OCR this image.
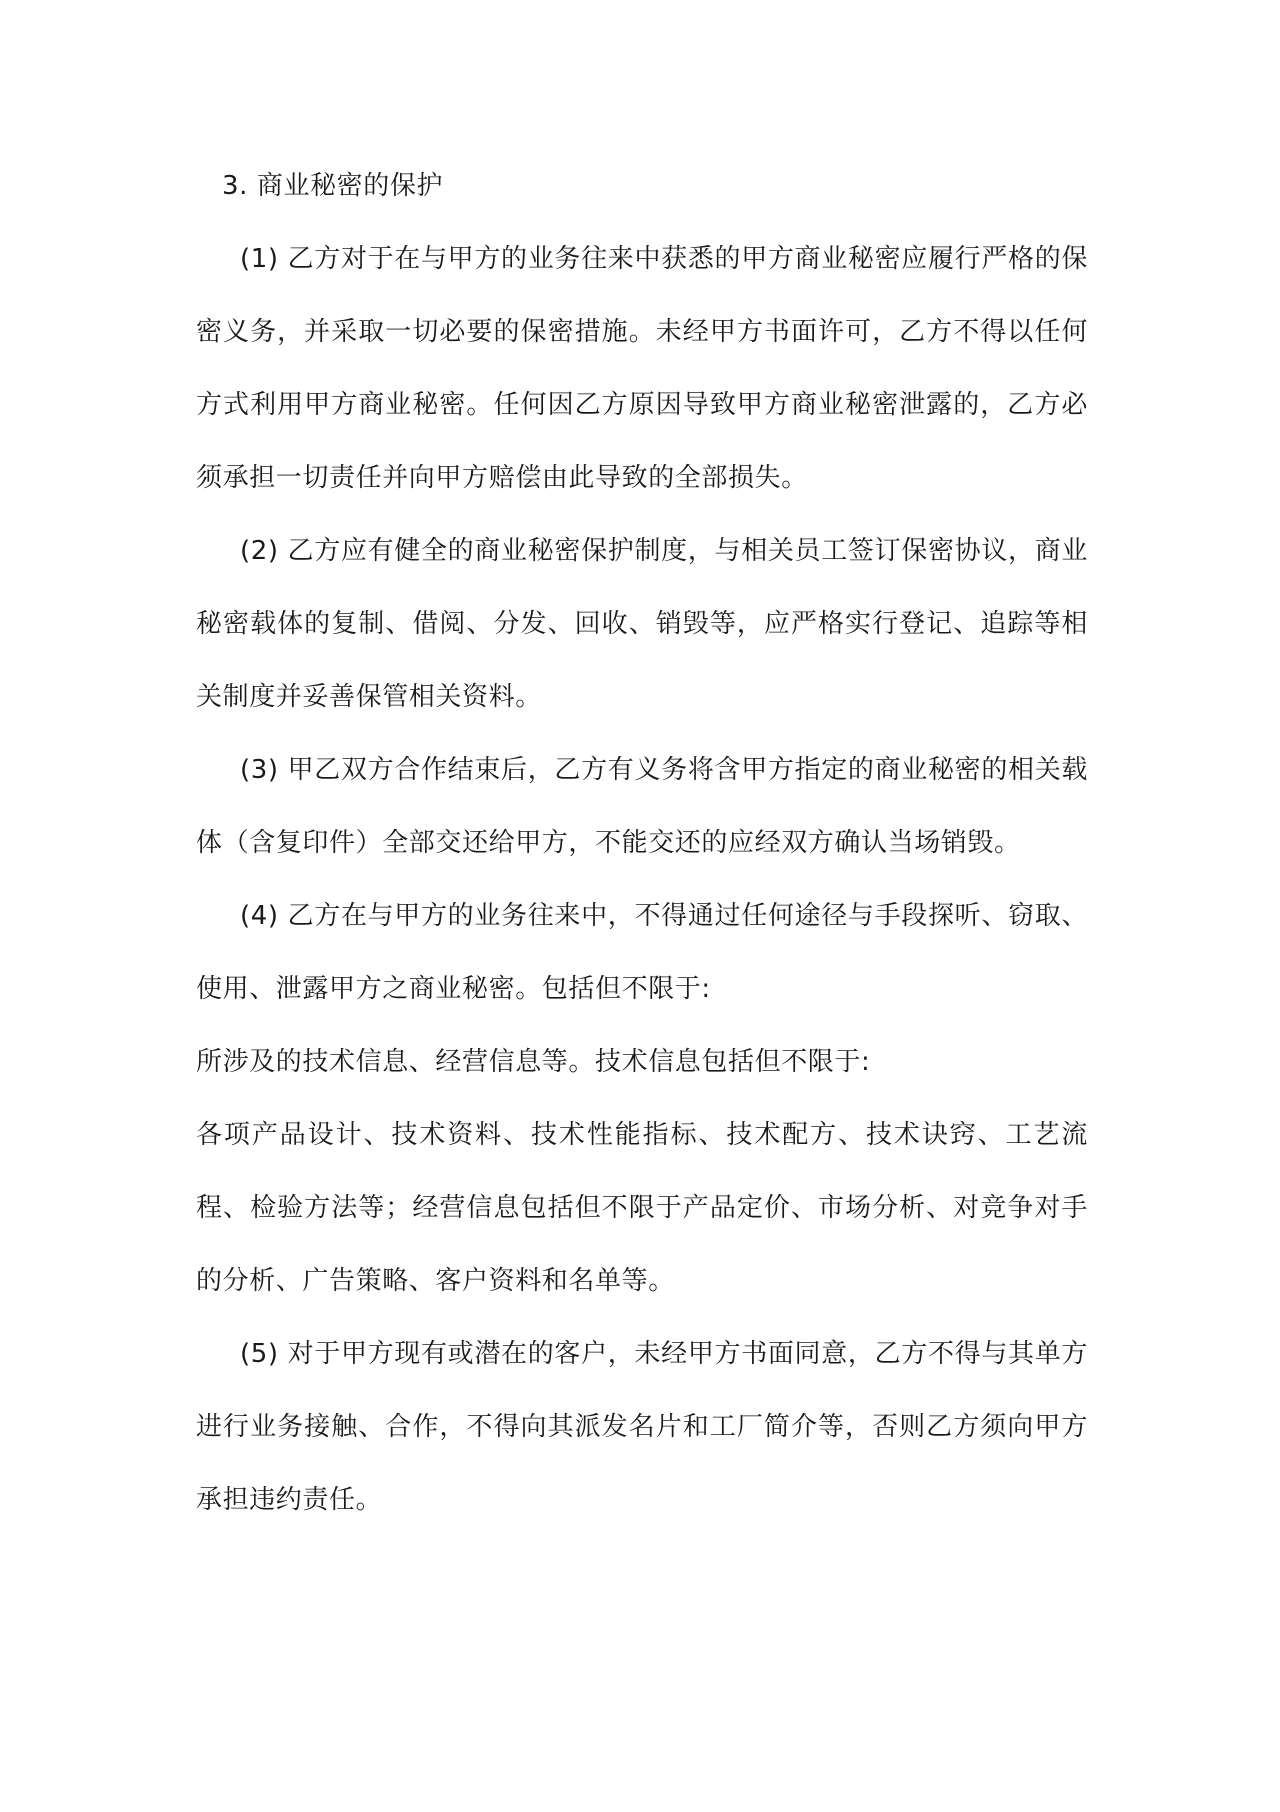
3. 商业秘密的保护

(1) 乙方对于在与甲方的业务往来中获悉的甲方商业秘密应履行严格的保密义务，并采取一切必要的保密措施。未经甲方书面许可，乙方不得以任何方式利用甲方商业秘密。任何因乙方原因导致甲方商业秘密泄露的，乙方必须承担一切责任并向甲方赔偿由此导致的全部损失。

(2) 乙方应有健全的商业秘密保护制度，与相关员工签订保密协议，商业秘密载体的复制、借阅、分发、回收、销毁等，应严格实行登记、追踪等相关制度并妥善保管相关资料。

(3) 甲乙双方合作结束后，乙方有义务将含甲方指定的商业秘密的相关载体（含复印件）全部交还给甲方，不能交还的应经双方确认当场销毁。

(4) 乙方在与甲方的业务往来中，不得通过任何途径与手段探听、窃取、使用、泄露甲方之商业秘密。包括但不限于:

所涉及的技术信息、经营信息等。技术信息包括但不限于:

各项产品设计、技术资料、技术性能指标、技术配方、技术诀窍、工艺流程、检验方法等；经营信息包括但不限于产品定价、市场分析、对竞争对手的分析、广告策略、客户资料和名单等。

(5) 对于甲方现有或潜在的客户，未经甲方书面同意，乙方不得与其单方进行业务接触、合作，不得向其派发名片和工厂简介等，否则乙方须向甲方承担违约责任。
